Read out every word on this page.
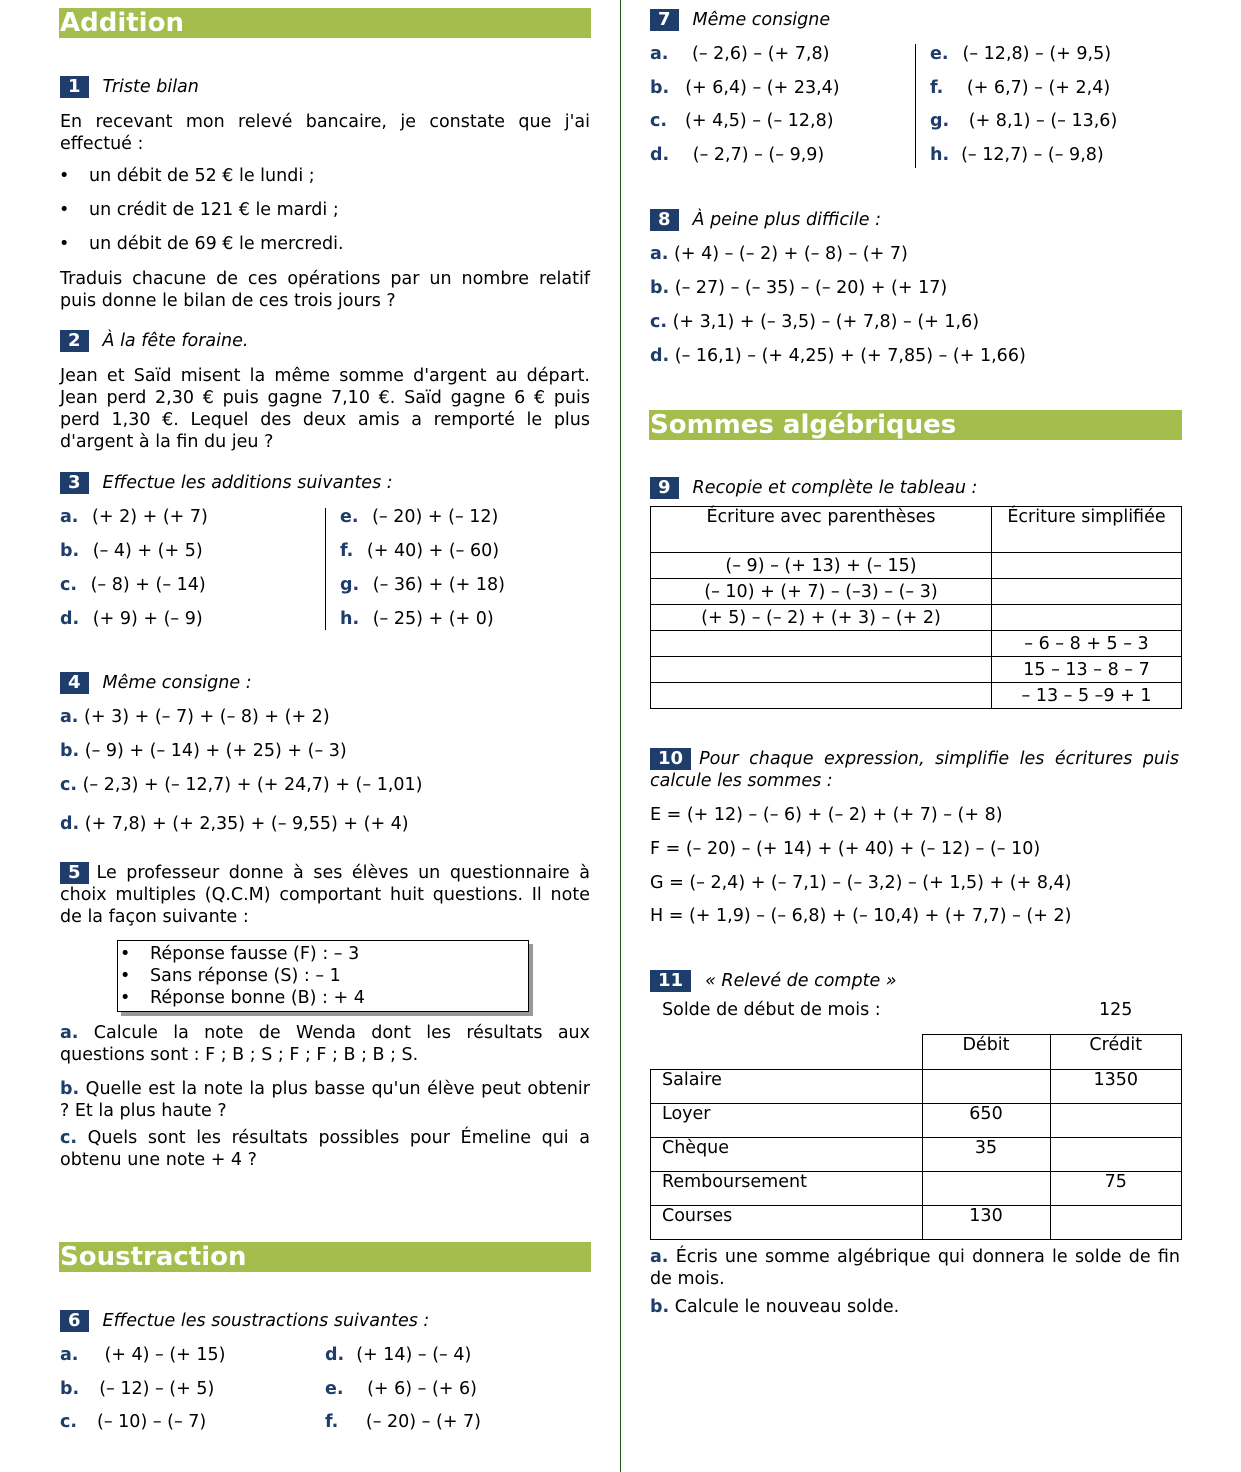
Addition
1 Triste bilan
En recevant mon relevé bancaire, je constate que j'ai effectué :
• un débit de 52 € le lundi ;
• un crédit de 121 € le mardi ;
• un débit de 69 € le mercredi.
Traduis chacune de ces opérations par un nombre relatif puis donne le bilan de ces trois jours ?
2 À la fête foraine.
Jean et Saïd misent la même somme d'argent au départ. Jean perd 2,30 € puis gagne 7,10 €. Saïd gagne 6 € puis perd 1,30 €. Lequel des deux amis a remporté le plus d'argent à la fin du jeu ?
3 Effectue les additions suivantes :
a. (+ 2) + (+ 7)
b. (– 4) + (+ 5)
c. (– 8) + (– 14)
d. (+ 9) + (– 9)
e. (– 20) + (– 12)
f. (+ 40) + (– 60)
g. (– 36) + (+ 18)
h. (– 25) + (+ 0)
4 Même consigne :
a. (+ 3) + (– 7) + (– 8) + (+ 2)
b. (– 9) + (– 14) + (+ 25) + (– 3)
c. (– 2,3) + (– 12,7) + (+ 24,7) + (– 1,01)
d. (+ 7,8) + (+ 2,35) + (– 9,55) + (+ 4)
5 Le professeur donne à ses élèves un questionnaire à choix multiples (Q.C.M) comportant huit questions. Il note de la façon suivante :
• Réponse fausse (F) : – 3
• Sans réponse (S) : – 1
• Réponse bonne (B) : + 4
a. Calcule la note de Wenda dont les résultats aux questions sont : F ; B ; S ; F ; F ; B ; B ; S.
b. Quelle est la note la plus basse qu'un élève peut obtenir ? Et la plus haute ?
c. Quels sont les résultats possibles pour Émeline qui a obtenu une note + 4 ?
Soustraction
6 Effectue les soustractions suivantes :
a. (+ 4) – (+ 15)
b. (– 12) – (+ 5)
c. (– 10) – (– 7)
d. (+ 14) – (– 4)
e. (+ 6) – (+ 6)
f. (– 20) – (+ 7)
7 Même consigne
a. (– 2,6) – (+ 7,8)
b. (+ 6,4) – (+ 23,4)
c. (+ 4,5) – (– 12,8)
d. (– 2,7) – (– 9,9)
e. (– 12,8) – (+ 9,5)
f. (+ 6,7) – (+ 2,4)
g. (+ 8,1) – (– 13,6)
h. (– 12,7) – (– 9,8)
8 À peine plus difficile :
a. (+ 4) – (– 2) + (– 8) – (+ 7)
b. (– 27) – (– 35) – (– 20) + (+ 17)
c. (+ 3,1) + (– 3,5) – (+ 7,8) – (+ 1,6)
d. (– 16,1) – (+ 4,25) + (+ 7,85) – (+ 1,66)
Sommes algébriques
9 Recopie et complète le tableau :
Écriture avec parenthèses	Écriture simplifiée
(– 9) – (+ 13) + (– 15)	
(– 10) + (+ 7) – (–3) – (– 3)	
(+ 5) – (– 2) + (+ 3) – (+ 2)	
	– 6 – 8 + 5 – 3
	15 – 13 – 8 – 7
	– 13 – 5 –9 + 1
10 Pour chaque expression, simplifie les écritures puis calcule les sommes :
E = (+ 12) – (– 6) + (– 2) + (+ 7) – (+ 8)
F = (– 20) – (+ 14) + (+ 40) + (– 12) – (– 10)
G = (– 2,4) + (– 7,1) – (– 3,2) – (+ 1,5) + (+ 8,4)
H = (+ 1,9) – (– 6,8) + (– 10,4) + (+ 7,7) – (+ 2)
11 « Relevé de compte »
Solde de début de mois :	125
	Débit	Crédit
Salaire		1350
Loyer	650	
Chèque	35	
Remboursement		75
Courses	130	
a. Écris une somme algébrique qui donnera le solde de fin de mois.
b. Calcule le nouveau solde.
